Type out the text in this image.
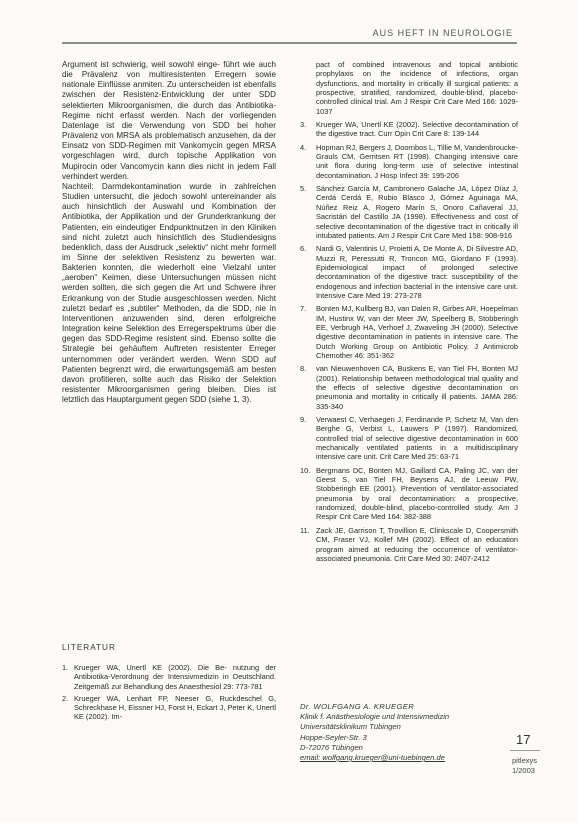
AUS HEFT IN NEUROLOGIE

Argument ist schwierig, weil sowohl einge- führt wie auch die Prävalenz von multiresistenten Erregern sowie nationale Einflüsse anmiten. Zu unterscheiden ist ebenfalls zwischen der Resistenz-Entwicklung der unter SDD selektierten Mikroorganismen, die durch das Antibiotika-Regime nicht erfasst werden. Nach der vorliegenden Datenlage ist die Verwendung von SDD bei hoher Prävalenz von MRSA als problematisch anzusehen, da der Einsatz von SDD-Regimen mit Vankomycin gegen MRSA vorgeschlagen wird, durch topische Applikation von Mupirocin oder Vancomycin kann dies nicht in jedem Fall verhindert werden.

Nachteil: Darmdekontamination wurde in zahlreichen Studien untersucht, die jedoch sowohl untereinander als auch hinsichtlich der Auswahl und Kombination der Antibiotika, der Applikation und der Grunderkrankung der Patienten, ein eindeutiger Endpunktnutzen in den Kliniken sind nicht zuletzt auch hinsichtlich des Studiendesigns bedenklich, dass der Ausdruck „selektiv“ nicht mehr formell im Sinne der selektiven Resistenz zu bewerten war. Bakterien konnten, die wiederholt eine Vielzahl unter „aeroben“ Keimen, diese Untersuchungen müssen nicht werden sollten, die sich gegen die Art und Schwere ihrer Erkrankung von der Studie ausgeschlossen werden. Nicht zuletzt bedarf es „subtiler“ Methoden, da die SDD, nie in Interventionen anzuwenden sind, deren erfolgreiche Integration keine Selektion des Erregerspektrums über die gegen das SDD-Regime resistent sind. Ebenso sollte die Strategie bei gehäuftem Auftreten resistenter Erreger unternommen oder verändert werden. Wenn SDD auf Patienten begrenzt wird, die erwartungsgemäß am besten davon profitieren, sollte auch das Risiko der Selektion resistenter Mikroorganismen gering bleiben. Dies ist letztlich das Hauptargument gegen SDD (siehe 1, 3).

LITERATUR
1. Krueger WA, Unertl KE (2002). Die Be- nutzung der Antibiotika-Verordnung der Intensivmedizin in Deutschland. Zeitgemäß zur Behandlung des Anaesthesiol 29: 773-781
2. Krueger WA, Lenhart FP, Neeser G, Ruckdeschel G, Schreckhase H, Eissner HJ, Forst H, Eckart J, Peter K, Unertl KE (2002). Im-
pact of combined intravenous and topical antibiotic prophylaxis on the incidence of infections, organ dysfunctions, and mortality in critically ill surgical patients: a prospective, stratified, randomized, double-blind, placebo-controlled clinical trial. Am J Respir Crit Care Med 166: 1029-1037
3.	Krueger WA, Unertl KE (2002). Selective decontamination of the digestive tract. Curr Opin Crit Care 8: 139-144
4.	Hopman RJ, Bergers J, Doornbos L, Tillie M, Vandenbroucke-Grauls CM, Gerritsen RT (1998). Changing intensive care unit flora during long-term use of selective intestinal decontamination. J Hosp Infect 39: 195-206
5.	Sánchez García M, Cambronero Galache JA, López Díaz J, Cerdá Cerdá E, Rubio Blasco J, Gómez Aguinaga MA, Núñez Reiz A, Rogero Marín S, Onoro Cañaveral JJ, Sacristán del Castillo JA (1998). Effectiveness and cost of selective decontamination of the digestive tract in critically ill intubated patients. Am J Respir Crit Care Med 158: 908-916
6.	Nardi G, Valentinis U, Proietti A, De Monte A, Di Silvestre AD, Muzzi R, Peressutti R, Troncon MG, Giordano F (1993). Epidemiological impact of prolonged selective decontamination of the digestive tract: susceptibility of the endogenous and infection bacterial in the intensive care unit. Intensive Care Med 19: 273-278
7.	Bonten MJ, Kullberg BJ, van Dalen R, Girbes AR, Hoepelman IM, Hustinx W, van der Meer JW, Speelberg B, Stobberingh EE, Verbrugh HA, Verhoef J, Zwaveling JH (2000). Selective digestive decontamination in patients in intensive care. The Dutch Working Group on Antibiotic Policy. J Antimicrob Chemother 46: 351-362
8.	van Nieuwenhoven CA, Buskens E, van Tiel FH, Bonten MJ (2001). Relationship between methodological trial quality and the effects of selective digestive decontamination on pneumonia and mortality in critically ill patients. JAMA 286: 335-340
9.	Verwaest C, Verhaegen J, Ferdinande P, Schetz M, Van den Berghe G, Verbist L, Lauwers P (1997). Randomized, controlled trial of selective digestive decontamination in 600 mechanically ventilated patients in a multidisciplinary intensive care unit. Crit Care Med 25: 63-71
10. Bergmans DC, Bonten MJ, Gaillard CA, Paling JC, van der Geest S, van Tiel FH, Beysens AJ, de Leeuw PW, Stobberingh EE (2001). Prevention of ventilator-associated pneumonia by oral decontamination: a prospective, randomized, double-blind, placebo-controlled study. Am J Respir Crit Care Med 164: 382-388
11. Zack JE, Garrison T, Trovillion E, Clinkscale D, Coopersmith CM, Fraser VJ, Kollef MH (2002). Effect of an education program aimed at reducing the occurrence of ventilator-associated pneumonia. Crit Care Med 30: 2407-2412
Dr. WOLFGANG A. KRUEGER
Klinik f. Anästhesiologie und Intensivmedizin
Universitätsklinikum Tübingen
Hoppe-Seyler-Str. 3
D-72076 Tübingen
email: wolfgang.krueger@uni-tuebingen.de
17
pitlexys
1/2003
